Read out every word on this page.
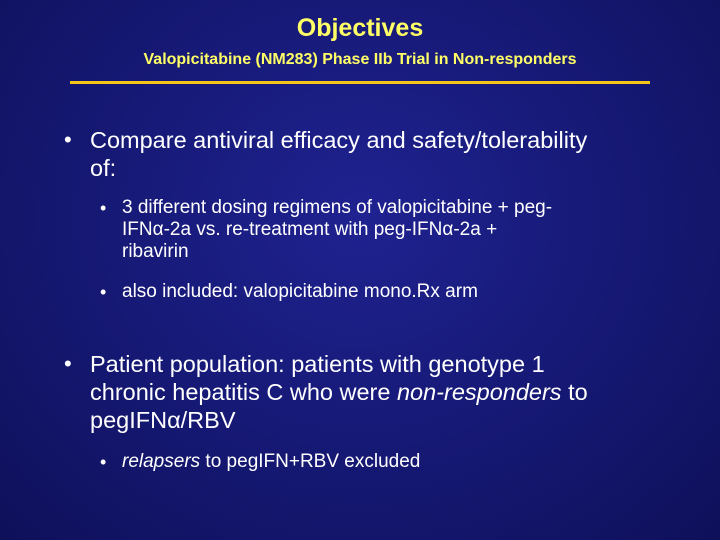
Objectives
Valopicitabine (NM283) Phase IIb Trial in Non-responders
• Compare antiviral efficacy and safety/tolerability
of:
• 3 different dosing regimens of valopicitabine + peg-
IFNα-2a vs. re-treatment with peg-IFNα-2a +
ribavirin
• also included: valopicitabine mono.Rx arm
• Patient population: patients with genotype 1
chronic hepatitis C who were non-responders to
pegIFNα/RBV
• relapsers to pegIFN+RBV excluded
